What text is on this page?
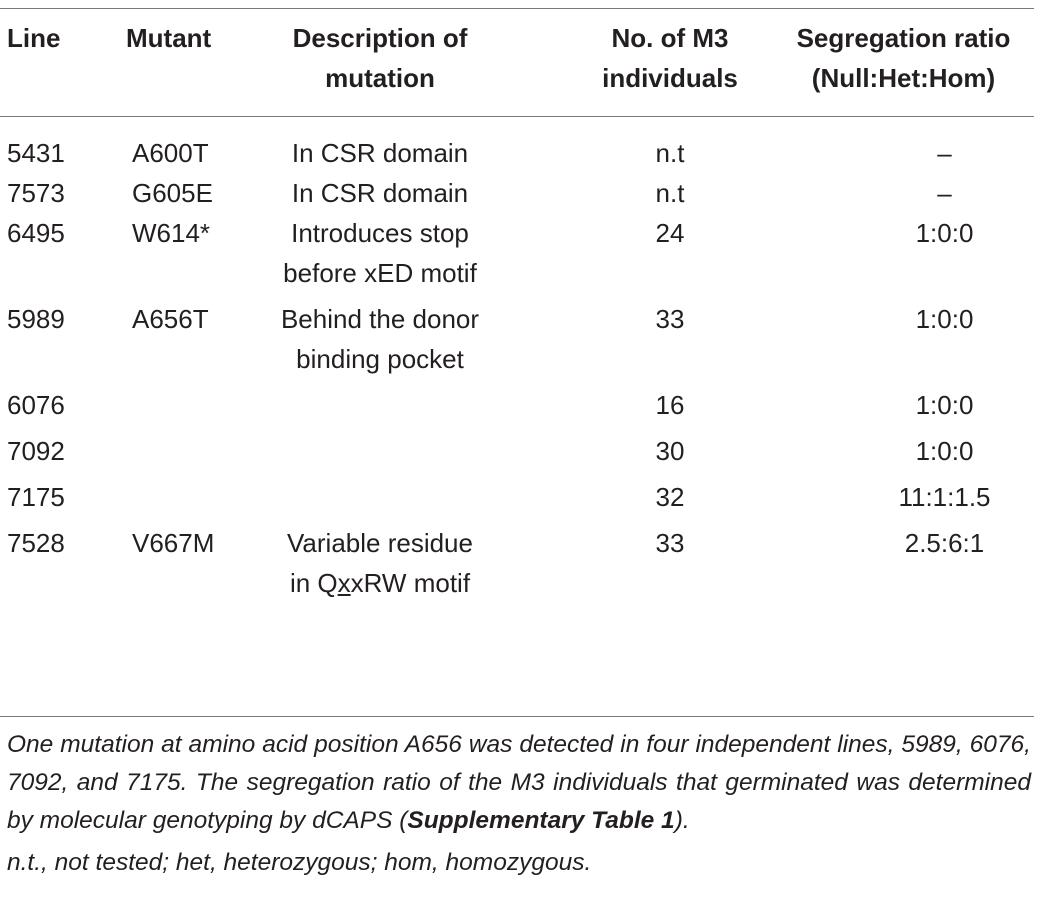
Line	Mutant	Description of mutation	No. of M3 individuals	Segregation ratio
(Null:Het:Hom)

5431	A600T	In CSR domain	n.t	–
7573	G605E	In CSR domain	n.t	–
6495	W614*	Introduces stop before xED motif	24	1:0:0
5989	A656T	Behind the donor binding pocket	33	1:0:0
6076			16	1:0:0
7092			30	1:0:0
7175			32	11:1:1.5
7528	V667M	Variable residue in QxxRW motif	33	2.5:6:1

One mutation at amino acid position A656 was detected in four independent lines, 5989, 6076, 7092, and 7175. The segregation ratio of the M3 individuals that germinated was determined by molecular genotyping by dCAPS (Supplementary Table 1).

n.t., not tested; het, heterozygous; hom, homozygous.
